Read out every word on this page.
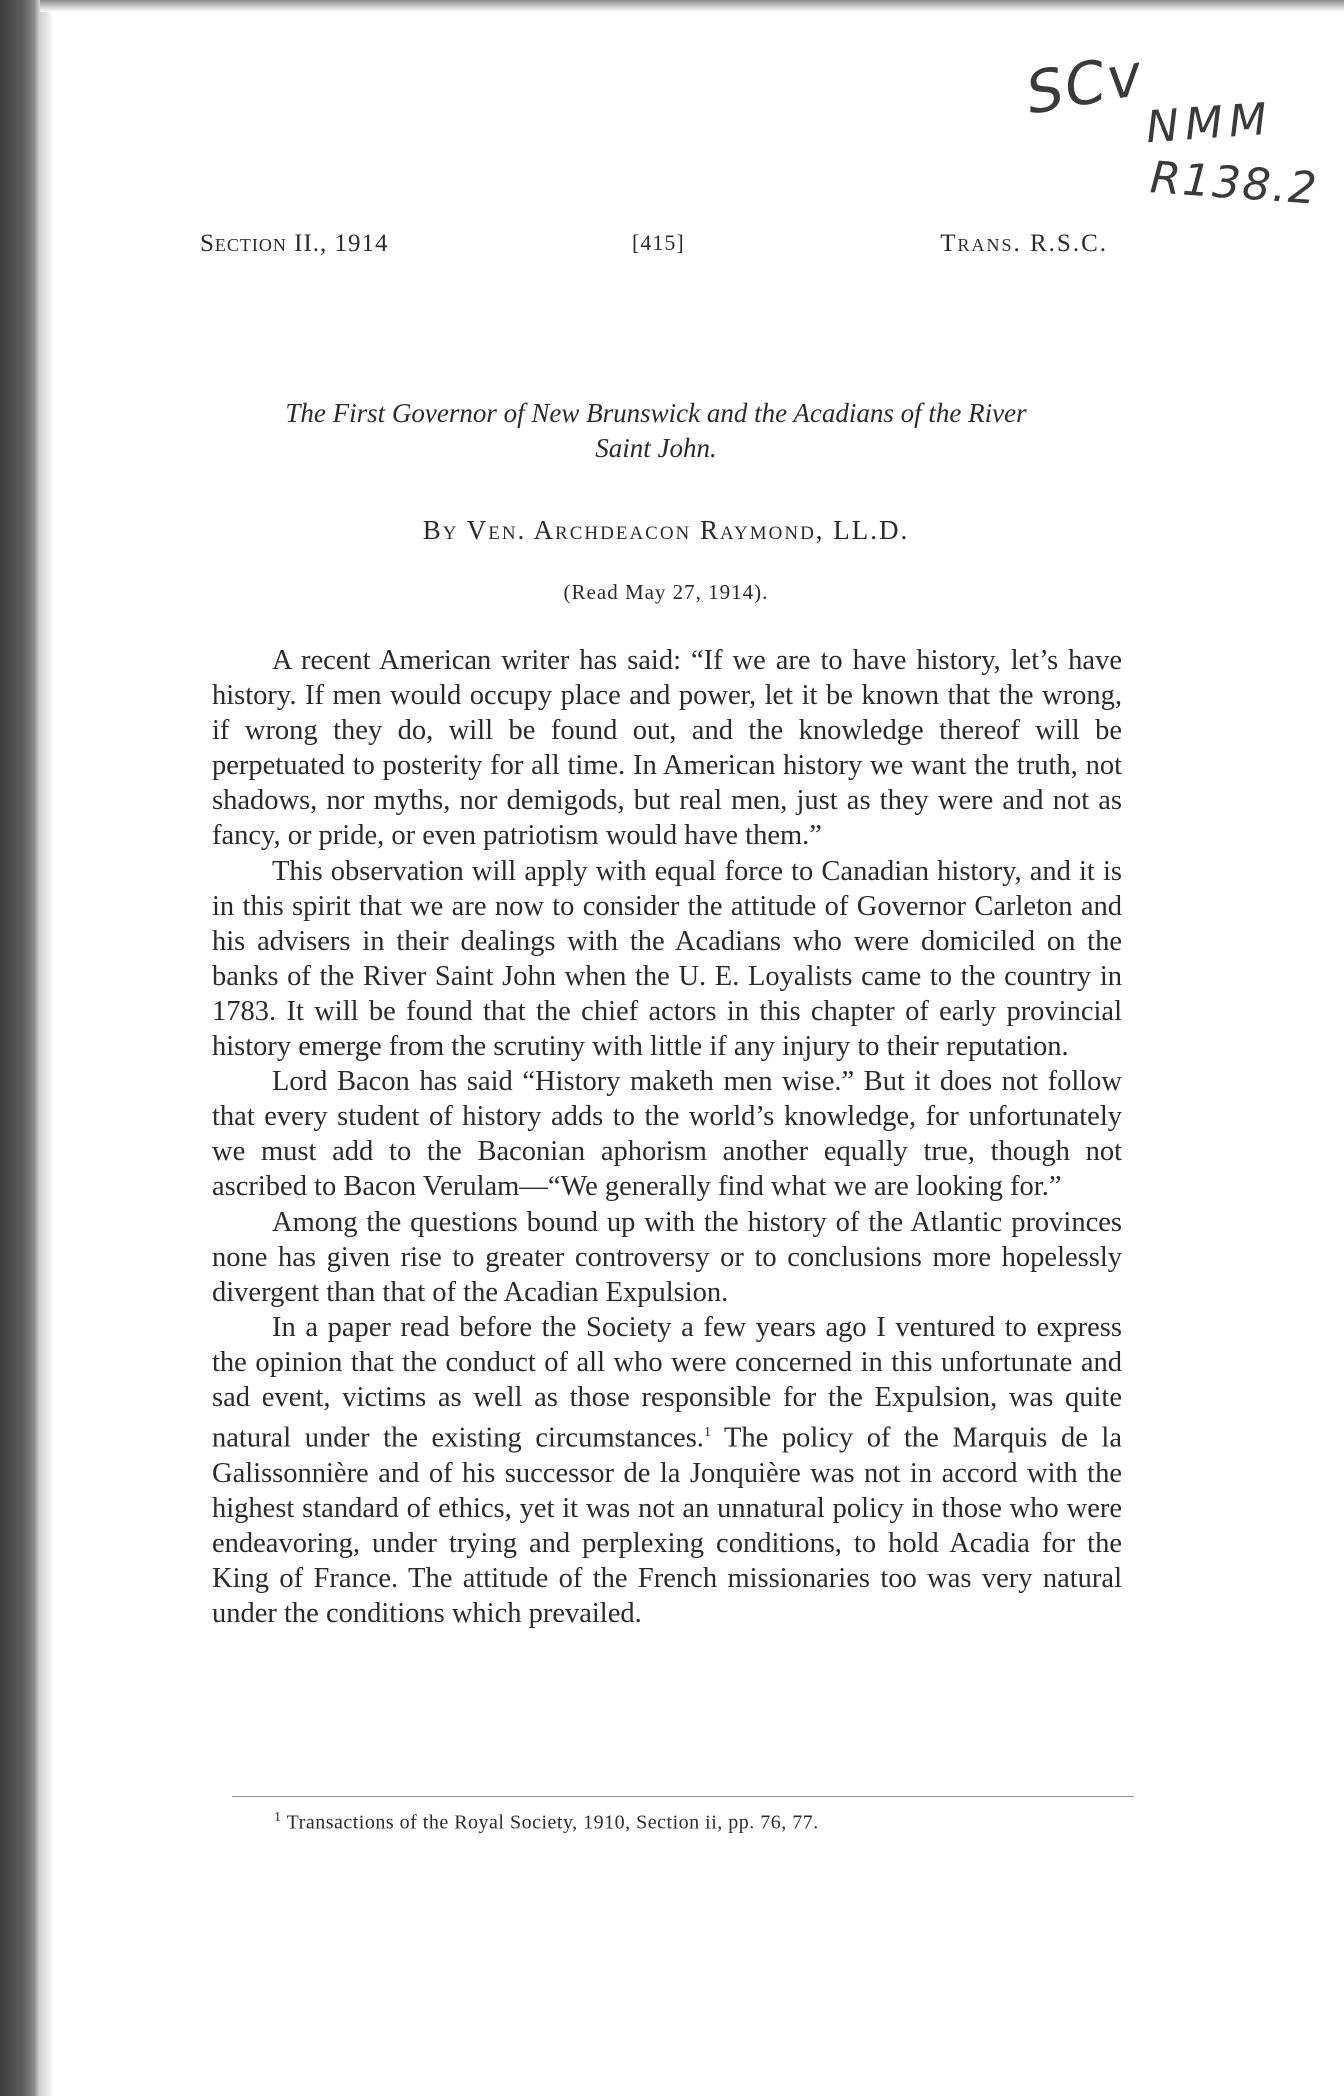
SCv
NMM
R138.2
Section II., 1914	[415]	Trans. R.S.C.
The First Governor of New Brunswick and the Acadians of the River
Saint John.
By Ven. Archdeacon Raymond, LL.D.
(Read May 27, 1914).

A recent American writer has said: “If we are to have history, let’s have history. If men would occupy place and power, let it be known that the wrong, if wrong they do, will be found out, and the knowledge thereof will be perpetuated to posterity for all time. In American history we want the truth, not shadows, nor myths, nor demigods, but real men, just as they were and not as fancy, or pride, or even patriotism would have them.”

This observation will apply with equal force to Canadian history, and it is in this spirit that we are now to consider the attitude of Governor Carleton and his advisers in their dealings with the Acadians who were domiciled on the banks of the River Saint John when the U. E. Loyalists came to the country in 1783. It will be found that the chief actors in this chapter of early provincial history emerge from the scrutiny with little if any injury to their reputation.

Lord Bacon has said “History maketh men wise.” But it does not follow that every student of history adds to the world’s knowledge, for unfortunately we must add to the Baconian aphorism another equally true, though not ascribed to Bacon Verulam—“We generally find what we are looking for.”

Among the questions bound up with the history of the Atlantic provinces none has given rise to greater controversy or to conclusions more hopelessly divergent than that of the Acadian Expulsion.

In a paper read before the Society a few years ago I ventured to express the opinion that the conduct of all who were concerned in this unfortunate and sad event, victims as well as those responsible for the Expulsion, was quite natural under the existing circumstances.$^1$ The policy of the Marquis de la Galissonnière and of his successor de la Jonquière was not in accord with the highest standard of ethics, yet it was not an unnatural policy in those who were endeavoring, under trying and perplexing conditions, to hold Acadia for the King of France. The attitude of the French missionaries too was very natural under the conditions which prevailed.

$^1$ Transactions of the Royal Society, 1910, Section ii, pp. 76, 77.
